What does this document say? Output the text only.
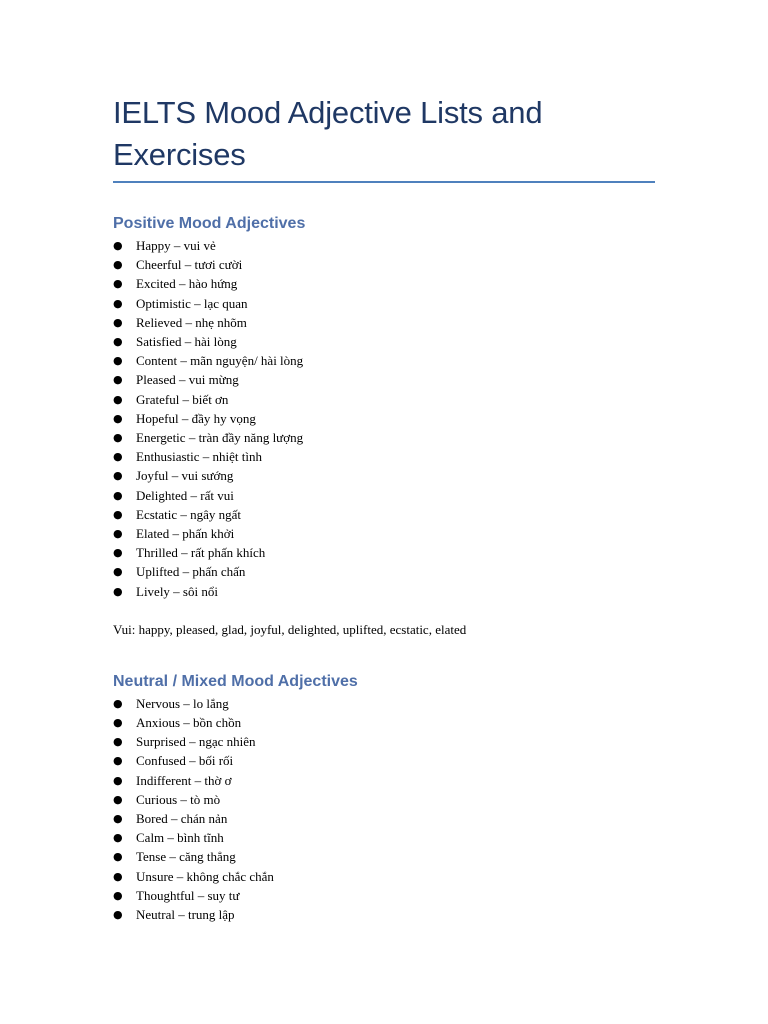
IELTS Mood Adjective Lists and Exercises
Positive Mood Adjectives
● Happy – vui vẻ
● Cheerful – tươi cười
● Excited – hào hứng
● Optimistic – lạc quan
● Relieved – nhẹ nhõm
● Satisfied – hài lòng
● Content – mãn nguyện/ hài lòng
● Pleased – vui mừng
● Grateful – biết ơn
● Hopeful – đầy hy vọng
● Energetic – tràn đầy năng lượng
● Enthusiastic – nhiệt tình
● Joyful – vui sướng
● Delighted – rất vui
● Ecstatic – ngây ngất
● Elated – phấn khởi
● Thrilled – rất phấn khích
● Uplifted – phấn chấn
● Lively – sôi nổi

Vui: happy, pleased, glad, joyful, delighted, uplifted, ecstatic, elated

Neutral / Mixed Mood Adjectives
● Nervous – lo lắng
● Anxious – bồn chồn
● Surprised – ngạc nhiên
● Confused – bối rối
● Indifferent – thờ ơ
● Curious – tò mò
● Bored – chán nản
● Calm – bình tĩnh
● Tense – căng thẳng
● Unsure – không chắc chắn
● Thoughtful – suy tư
● Neutral – trung lập
